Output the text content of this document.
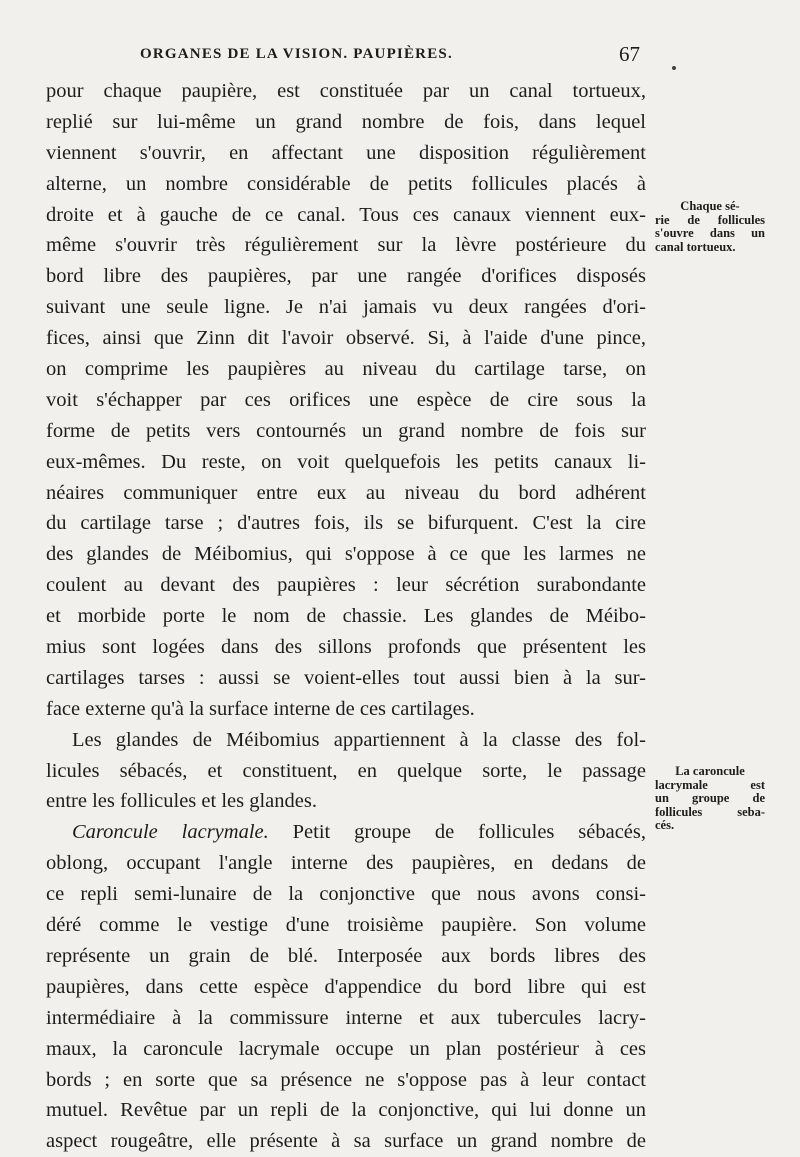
ORGANES DE LA VISION. PAUPIÈRES.	67
pour chaque paupière, est constituée par un canal tortueux,
replié sur lui-même un grand nombre de fois, dans lequel
viennent s'ouvrir, en affectant une disposition régulièrement
alterne, un nombre considérable de petits follicules placés à
droite et à gauche de ce canal. Tous ces canaux viennent eux-
même s'ouvrir très régulièrement sur la lèvre postérieure du
bord libre des paupières, par une rangée d'orifices disposés
suivant une seule ligne. Je n'ai jamais vu deux rangées d'ori-
fices, ainsi que Zinn dit l'avoir observé. Si, à l'aide d'une pince,
on comprime les paupières au niveau du cartilage tarse, on
voit s'échapper par ces orifices une espèce de cire sous la
forme de petits vers contournés un grand nombre de fois sur
eux-mêmes. Du reste, on voit quelquefois les petits canaux li-
néaires communiquer entre eux au niveau du bord adhérent
du cartilage tarse ; d'autres fois, ils se bifurquent. C'est la cire
des glandes de Méibomius, qui s'oppose à ce que les larmes ne
coulent au devant des paupières : leur sécrétion surabondante
et morbide porte le nom de chassie. Les glandes de Méibo-
mius sont logées dans des sillons profonds que présentent les
cartilages tarses : aussi se voient-elles tout aussi bien à la sur-
face externe qu'à la surface interne de ces cartilages.
Les glandes de Méibomius appartiennent à la classe des fol-
licules sébacés, et constituent, en quelque sorte, le passage
entre les follicules et les glandes.
Caroncule lacrymale. Petit groupe de follicules sébacés,
oblong, occupant l'angle interne des paupières, en dedans de
ce repli semi-lunaire de la conjonctive que nous avons consi-
déré comme le vestige d'une troisième paupière. Son volume
représente un grain de blé. Interposée aux bords libres des
paupières, dans cette espèce d'appendice du bord libre qui est
intermédiaire à la commissure interne et aux tubercules lacry-
maux, la caroncule lacrymale occupe un plan postérieur à ces
bords ; en sorte que sa présence ne s'oppose pas à leur contact
mutuel. Revêtue par un repli de la conjonctive, qui lui donne un
aspect rougeâtre, elle présente à sa surface un grand nombre de
Chaque sé-
rie de follicules
s'ouvre dans un
canal tortueux.
La caroncule
lacrymale est
un groupe de
follicules seba-
cés.
